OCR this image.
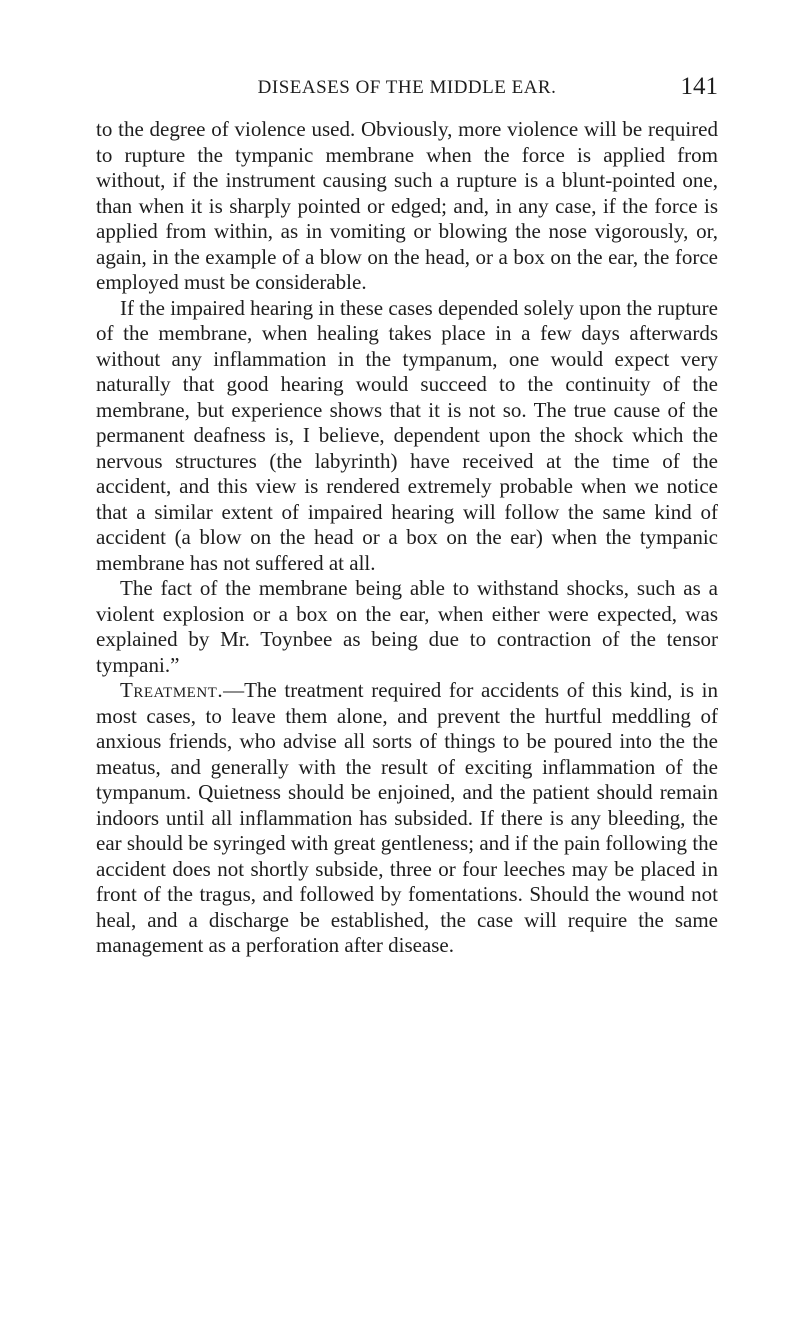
DISEASES OF THE MIDDLE EAR.	141

to the degree of violence used. Obviously, more violence will be required to rupture the tympanic membrane when the force is applied from without, if the instrument causing such a rupture is a blunt-pointed one, than when it is sharply pointed or edged; and, in any case, if the force is applied from within, as in vomiting or blowing the nose vigorously, or, again, in the example of a blow on the head, or a box on the ear, the force employed must be considerable.

If the impaired hearing in these cases depended solely upon the rupture of the membrane, when healing takes place in a few days afterwards without any inflammation in the tympanum, one would expect very naturally that good hearing would succeed to the continuity of the membrane, but experience shows that it is not so. The true cause of the permanent deafness is, I believe, dependent upon the shock which the nervous structures (the labyrinth) have received at the time of the accident, and this view is rendered extremely probable when we notice that a similar extent of impaired hearing will follow the same kind of accident (a blow on the head or a box on the ear) when the tympanic membrane has not suffered at all.

The fact of the membrane being able to withstand shocks, such as a violent explosion or a box on the ear, when either were expected, was explained by Mr. Toynbee as being due to contraction of the tensor tympani.”

Treatment.—The treatment required for accidents of this kind, is in most cases, to leave them alone, and prevent the hurtful meddling of anxious friends, who advise all sorts of things to be poured into the the meatus, and generally with the result of exciting inflammation of the tympanum. Quietness should be enjoined, and the patient should remain indoors until all inflammation has subsided. If there is any bleeding, the ear should be syringed with great gentleness; and if the pain following the accident does not shortly subside, three or four leeches may be placed in front of the tragus, and followed by fomentations. Should the wound not heal, and a discharge be established, the case will require the same management as a perforation after disease.
